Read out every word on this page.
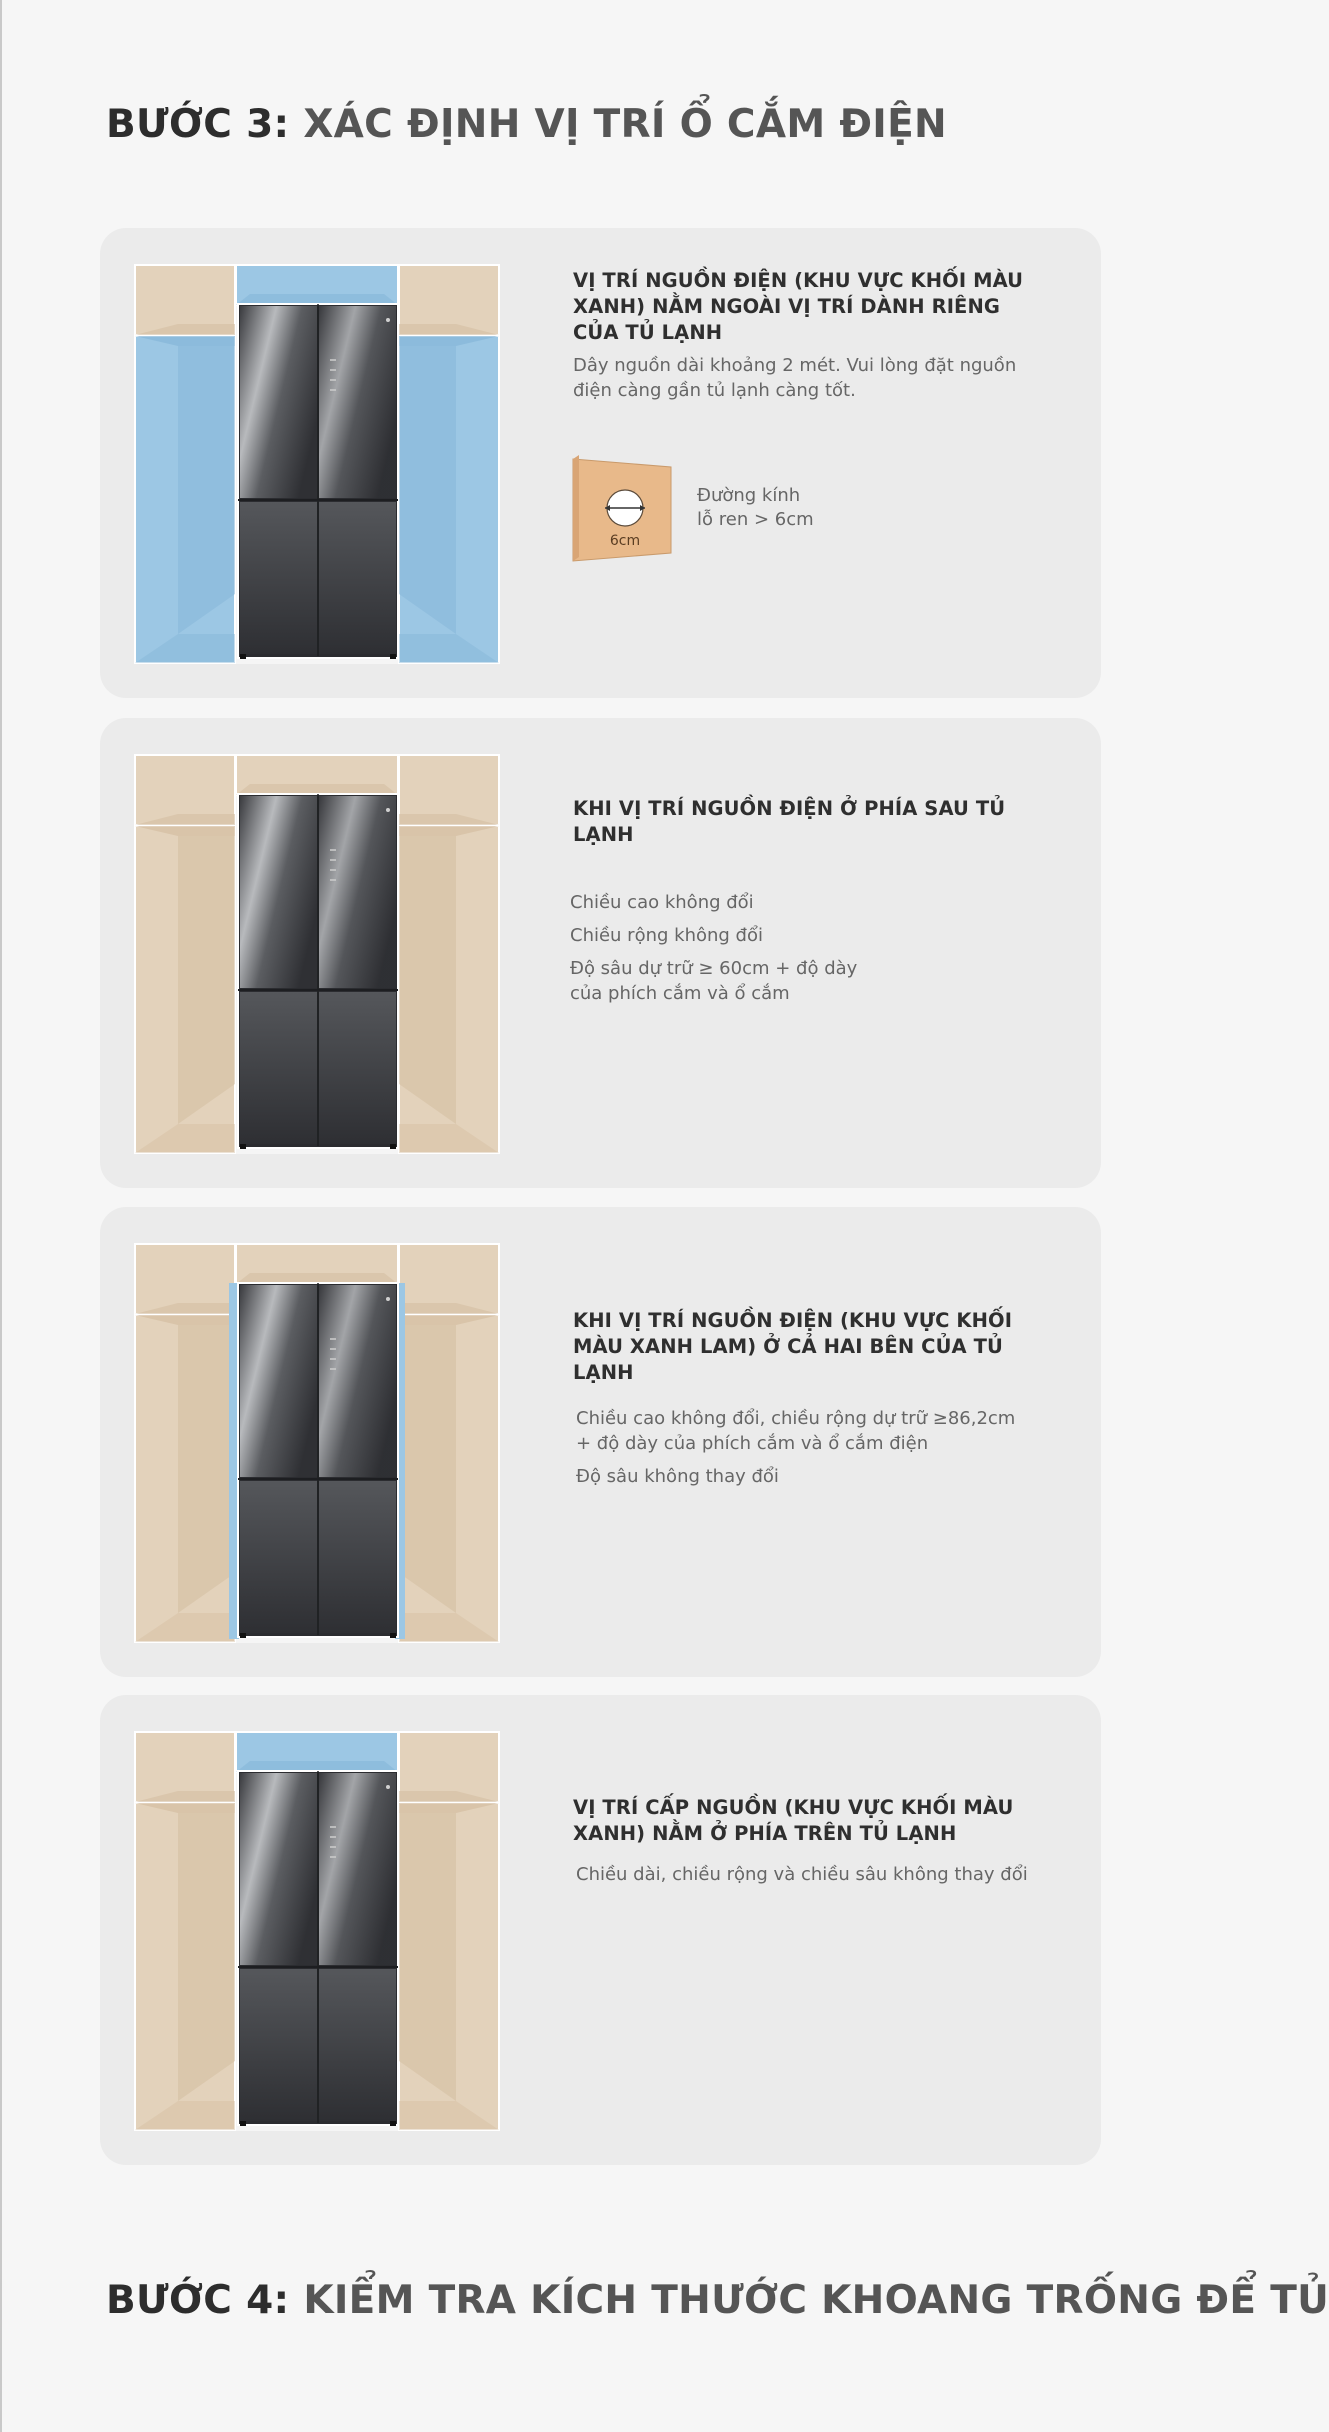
BƯỚC 3: XÁC ĐỊNH VỊ TRÍ Ổ CẮM ĐIỆN
VỊ TRÍ NGUỒN ĐIỆN (KHU VỰC KHỐI MÀU XANH) NẰM NGOÀI VỊ TRÍ DÀNH RIÊNG CỦA TỦ LẠNH

Dây nguồn dài khoảng 2 mét. Vui lòng đặt nguồn điện càng gần tủ lạnh càng tốt.

6cm
Đường kính
lỗ ren > 6cm
KHI VỊ TRÍ NGUỒN ĐIỆN Ở PHÍA SAU TỦ LẠNH

Chiều cao không đổi

Chiều rộng không đổi

Độ sâu dự trữ ≥ 60cm + độ dày của phích cắm và ổ cắm

KHI VỊ TRÍ NGUỒN ĐIỆN (KHU VỰC KHỐI MÀU XANH LAM) Ở CẢ HAI BÊN CỦA TỦ LẠNH

Chiều cao không đổi, chiều rộng dự trữ ≥86,2cm + độ dày của phích cắm và ổ cắm điện

Độ sâu không thay đổi

VỊ TRÍ CẤP NGUỒN (KHU VỰC KHỐI MÀU XANH) NẰM Ở PHÍA TRÊN TỦ LẠNH

Chiều dài, chiều rộng và chiều sâu không thay đổi

BƯỚC 4: KIỂM TRA KÍCH THƯỚC KHOANG TRỐNG ĐỂ TỦ
